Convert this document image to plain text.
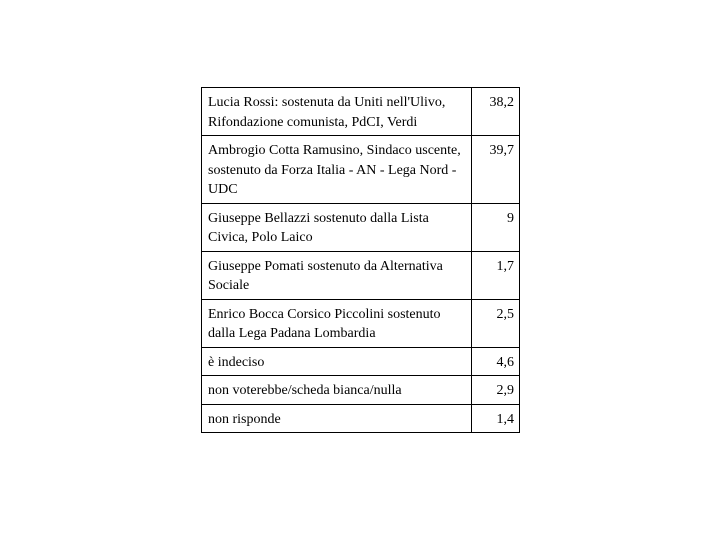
Lucia Rossi: sostenuta da Uniti nell'Ulivo, Rifondazione comunista, PdCI, Verdi	38,2
Ambrogio Cotta Ramusino, Sindaco uscente, sostenuto da Forza Italia - AN - Lega Nord - UDC	39,7
Giuseppe Bellazzi sostenuto dalla Lista Civica, Polo Laico	9
Giuseppe Pomati sostenuto da Alternativa Sociale	1,7
Enrico Bocca Corsico Piccolini sostenuto dalla Lega Padana Lombardia	2,5
è indeciso	4,6
non voterebbe/scheda bianca/nulla	2,9
non risponde	1,4
